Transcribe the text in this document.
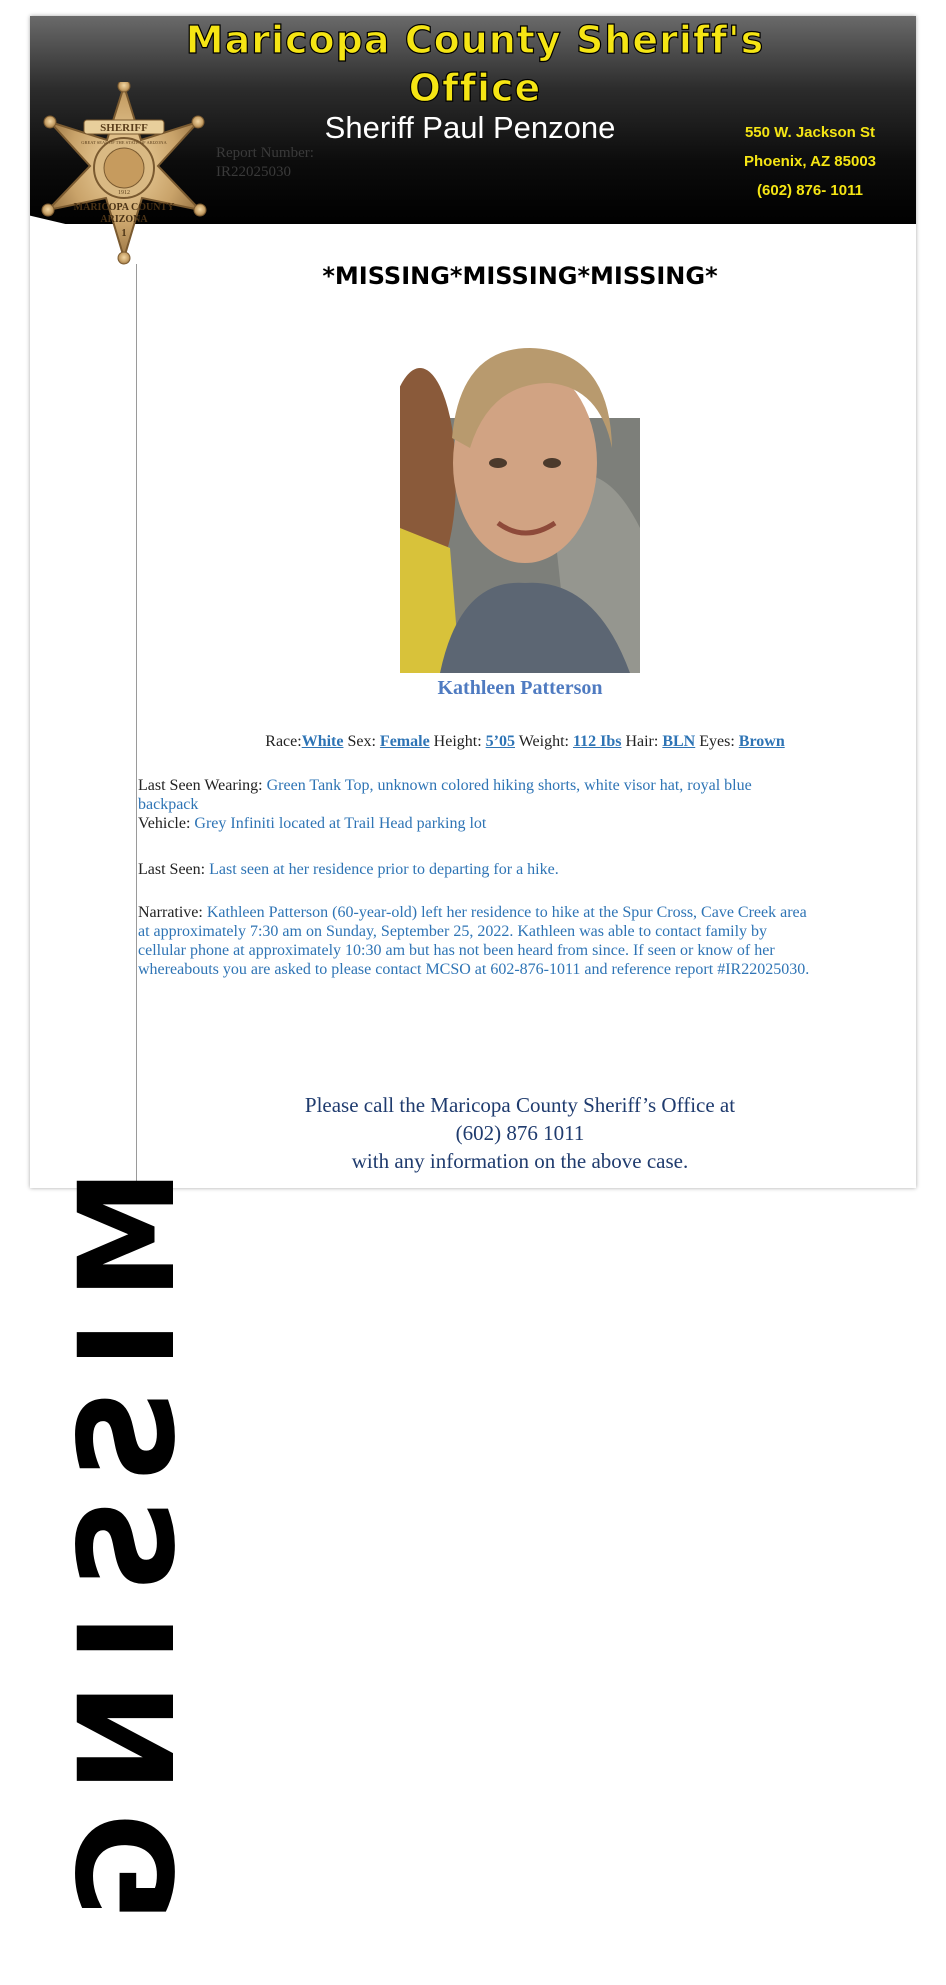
Maricopa County Sheriff's
Office
Sheriff Paul Penzone
Report Number:
IR22025030
550 W. Jackson St
Phoenix, AZ 85003
(602) 876- 1011
SHERIFF
GREAT SEAL OF THE STATE OF ARIZONA
1912
MARICOPA COUNTY
ARIZONA
1
MISSING
*MISSING*MISSING*MISSING*
Kathleen Patterson
Race:White Sex: Female Height: 5’05 Weight: 112 Ibs Hair: BLN Eyes: Brown
Last Seen Wearing: Green Tank Top, unknown colored hiking shorts, white visor hat, royal blue
backpack
Vehicle: Grey Infiniti located at Trail Head parking lot
Last Seen: Last seen at her residence prior to departing for a hike.
Narrative: Kathleen Patterson (60-year-old) left her residence to hike at the Spur Cross, Cave Creek area
at approximately 7:30 am on Sunday, September 25, 2022. Kathleen was able to contact family by
cellular phone at approximately 10:30 am but has not been heard from since. If seen or know of her
whereabouts you are asked to please contact MCSO at 602-876-1011 and reference report #IR22025030.
Please call the Maricopa County Sheriff’s Office at
(602) 876 1011
with any information on the above case.
